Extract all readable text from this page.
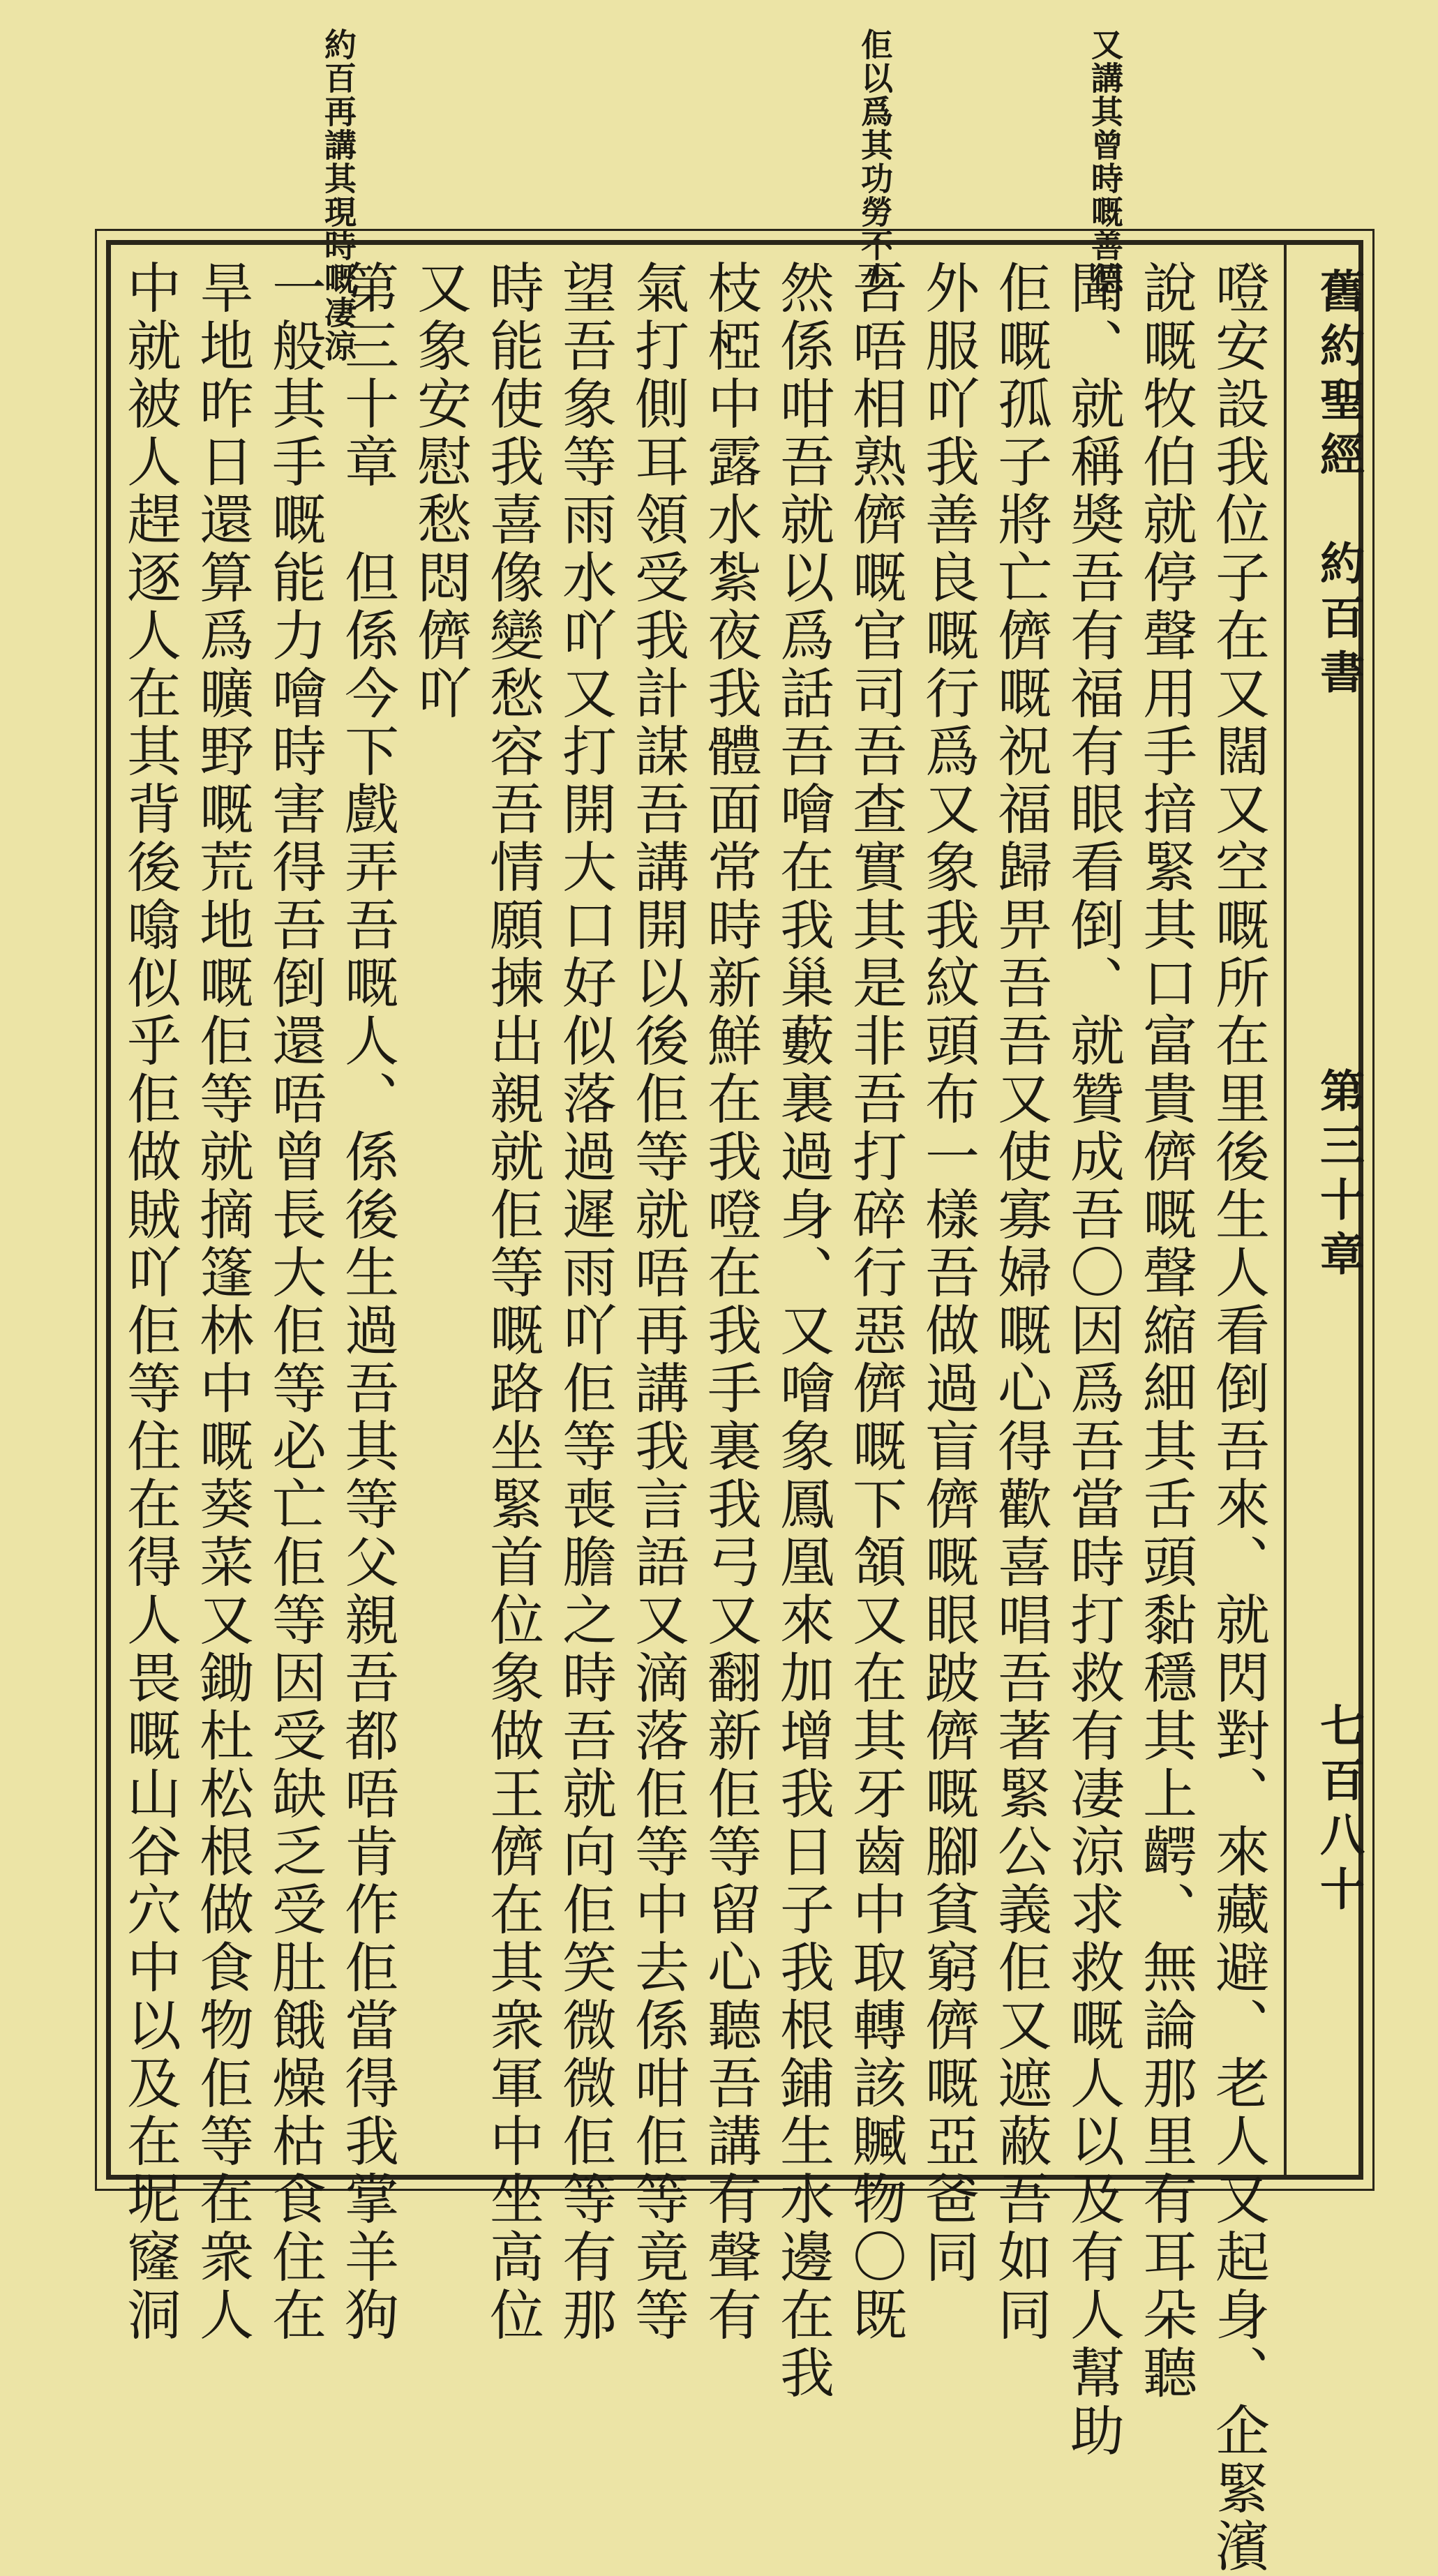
又講其曾時嘅善德
佢以爲其功勞不少
約百再講其現時嘅凄涼
舊約聖經　約百書
第三十章
七百八十
噔安設我位子在又闊又空嘅所在里後生人看倒吾來、就閃對、來藏避、老人又起身、企緊濱
說嘅牧伯就停聲用手揞緊其口富貴儕嘅聲縮細其舌頭黏穩其上齶、無論那里有耳朵聽
聞、就稱奬吾有福有眼看倒、就贊成吾〇因爲吾當時打救有凄涼求救嘅人以及有人幫助
佢嘅孤子將亡儕嘅祝福歸畀吾吾又使寡婦嘅心得歡喜唱吾著緊公義佢又遮蔽吾如同
外服吖我善良嘅行爲又象我紋頭布一樣吾做過盲儕嘅眼跛儕嘅腳貧窮儕嘅亞爸同
吾唔相熟儕嘅官司吾查實其是非吾打碎行惡儕嘅下頷又在其牙齒中取轉該贓物〇既
然係咁吾就以爲話吾噲在我巢藪裏過身、又噲象鳳凰來加增我日子我根鋪生水邊在我
枝椏中露水紮夜我體面常時新鮮在我噔在我手裏我弓又翻新佢等留心聽吾講有聲有
氣打側耳領受我計謀吾講開以後佢等就唔再講我言語又滴落佢等中去係咁佢等竟等
望吾象等雨水吖又打開大口好似落過遲雨吖佢等喪膽之時吾就向佢笑微微佢等有那
時能使我喜像變愁容吾情願揀出親就佢等嘅路坐緊首位象做王儕在其衆軍中坐高位
又象安慰愁悶儕吖
第三十章　但係今下戲弄吾嘅人、係後生過吾其等父親吾都唔肯作佢當得我掌羊狗
一般其手嘅能力噲時害得吾倒還唔曾長大佢等必亡佢等因受缺乏受肚餓燥枯食住在
旱地昨日還算爲曠野嘅荒地嘅佢等就摘篷林中嘅葵菜又鋤杜松根做食物佢等在衆人
中就被人趕逐人在其背後噏似乎佢做賊吖佢等住在得人畏嘅山谷穴中以及在坭窿洞
